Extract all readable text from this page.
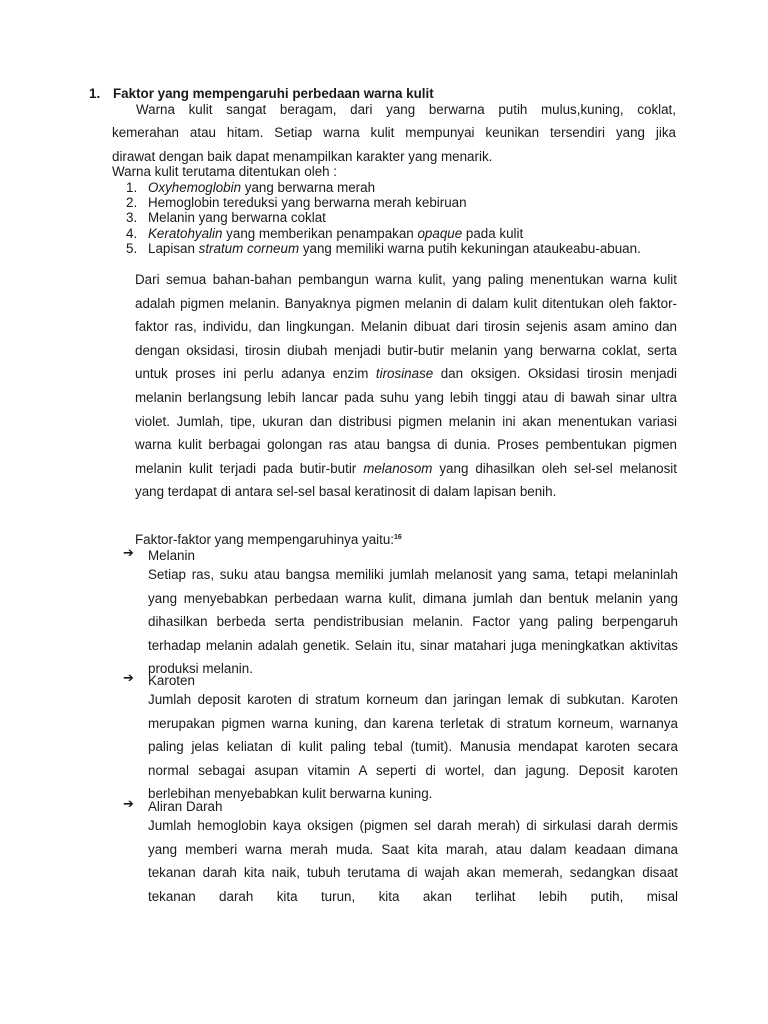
1. Faktor yang mempengaruhi perbedaan warna kulit
Warna kulit sangat beragam, dari yang berwarna putih mulus,kuning, coklat,
kemerahan atau hitam. Setiap warna kulit mempunyai keunikan tersendiri yang jika
dirawat dengan baik dapat menampilkan karakter yang menarik.
Warna kulit terutama ditentukan oleh :
1. Oxyhemoglobin yang berwarna merah
2. Hemoglobin tereduksi yang berwarna merah kebiruan
3. Melanin yang berwarna coklat
4. Keratohyalin yang memberikan penampakan opaque pada kulit
5. Lapisan stratum corneum yang memiliki warna putih kekuningan ataukeabu-abuan.

Dari semua bahan-bahan pembangun warna kulit, yang paling menentukan warna kulit adalah pigmen melanin. Banyaknya pigmen melanin di dalam kulit ditentukan oleh faktor-faktor ras, individu, dan lingkungan. Melanin dibuat dari tirosin sejenis asam amino dan dengan oksidasi, tirosin diubah menjadi butir-butir melanin yang berwarna coklat, serta untuk proses ini perlu adanya enzim tirosinase dan oksigen. Oksidasi tirosin menjadi melanin berlangsung lebih lancar pada suhu yang lebih tinggi atau di bawah sinar ultra violet. Jumlah, tipe, ukuran dan distribusi pigmen melanin ini akan menentukan variasi warna kulit berbagai golongan ras atau bangsa di dunia. Proses pembentukan pigmen melanin kulit terjadi pada butir-butir melanosom yang dihasilkan oleh sel-sel melanosit yang terdapat di antara sel-sel basal keratinosit di dalam lapisan benih.

Faktor-faktor yang mempengaruhinya yaitu:$^{16}$
➔ Melanin

Setiap ras, suku atau bangsa memiliki jumlah melanosit yang sama, tetapi melaninlah yang menyebabkan perbedaan warna kulit, dimana jumlah dan bentuk melanin yang dihasilkan berbeda serta pendistribusian melanin. Factor yang paling berpengaruh terhadap melanin adalah genetik. Selain itu, sinar matahari juga meningkatkan aktivitas produksi melanin.

➔ Karoten

Jumlah deposit karoten di stratum korneum dan jaringan lemak di subkutan. Karoten merupakan pigmen warna kuning, dan karena terletak di stratum korneum, warnanya paling jelas keliatan di kulit paling tebal (tumit). Manusia mendapat karoten secara normal sebagai asupan vitamin A seperti di wortel, dan jagung. Deposit karoten berlebihan menyebabkan kulit berwarna kuning.

➔ Aliran Darah

Jumlah hemoglobin kaya oksigen (pigmen sel darah merah) di sirkulasi darah dermis yang memberi warna merah muda. Saat kita marah, atau dalam keadaan dimana tekanan darah kita naik, tubuh terutama di wajah akan memerah, sedangkan disaat tekanan darah kita turun, kita akan terlihat lebih putih, misal
